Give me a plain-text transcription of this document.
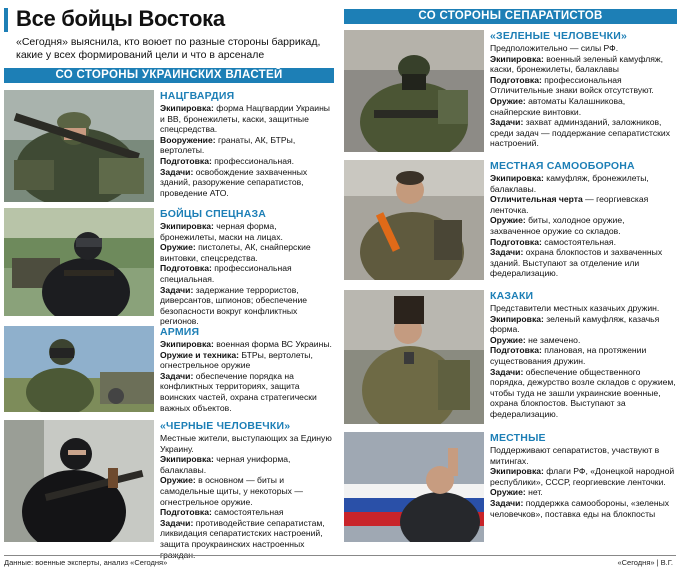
Все бойцы Востока
«Сегодня» выяснила, кто воюет по разные стороны баррикад, какие у всех формирований цели и что в арсенале
СО СТОРОНЫ УКРАИНСКИХ ВЛАСТЕЙ
СО СТОРОНЫ СЕПАРАТИСТОВ
НАЦГВАРДИЯ

Экипировка: форма Нацгвардии Украины и ВВ, бронежилеты, каски, защитные спецсредства.

Вооружение: гранаты, АК, БТРы, вертолеты.

Подготовка: профессиональная.

Задачи: освобождение захваченных зданий, разоружение сепаратистов, проведение АТО.

БОЙЦЫ СПЕЦНАЗА

Экипировка: черная форма, бронежилеты, маски на лицах.

Оружие: пистолеты, АК, снайперские винтовки, спецсредства.

Подготовка: профессиональная специальная.

Задачи: задержание террористов, диверсантов, шпионов; обеспечение безопасности вокруг конфликтных регионов.

АРМИЯ

Экипировка: военная форма ВС Украины.

Оружие и техника: БТРы, вертолеты, огнестрельное оружие

Задачи: обеспечение порядка на конфликтных территориях, защита воинских частей, охрана стратегически важных объектов.

«ЧЕРНЫЕ ЧЕЛОВЕЧКИ»

Местные жители, выступающих за Единую Украину.

Экипировка: черная униформа, балаклавы.

Оружие: в основном — биты и самодельные щиты, у некоторых — огнестрельное оружие.

Подготовка: самостоятельная

Задачи: противодействие сепаратистам, ликвидация сепаратистских настроений, защита проукраинских настроенных

«ЗЕЛЕНЫЕ ЧЕЛОВЕЧКИ»

Предположительно — силы РФ.

Экипировка: военный зеленый камуфляж, каски, бронежилеты, балаклавы

Подготовка: профессиональная

Отличительные знаки войск отсутствуют.

Оружие: автоматы Калашникова, снайперские винтовки.

Задачи: захват админзданий, заложников, среди задач — поддержание сепаратистских настроений.

МЕСТНАЯ САМООБОРОНА

Экипировка: камуфляж, бронежилеты, балаклавы.

Отличительная черта — георгиевская ленточка.

Оружие: биты, холодное оружие, захваченное оружие со складов.

Подготовка: самостоятельная.

Задачи: охрана блокпостов и захваченных зданий. Выступают за отделение или федерализацию.

КАЗАКИ

Представители местных казачьих дружин.

Экипировка: зеленый камуфляж, казачья форма.

Оружие: не замечено.

Подготовка: плановая, на протяжении существования дружин.

Задачи: обеспечение общественного порядка, дежурство возле складов с оружием, чтобы туда не зашли украинские военные, охрана блокпостов. Выступают за федерализацию.

МЕСТНЫЕ

Поддерживают сепаратистов, участвуют в митингах.

Экипировка: флаги РФ, «Донецкой народной республики», СССР, георгиевские ленточки.

Оружие: нет.

Задачи: поддержка самообороны, «зеленых человечков», поставка еды на блокпосты

Данные: военные эксперты, анализ «Сегодня»	«Сегодня» | В.Г.
